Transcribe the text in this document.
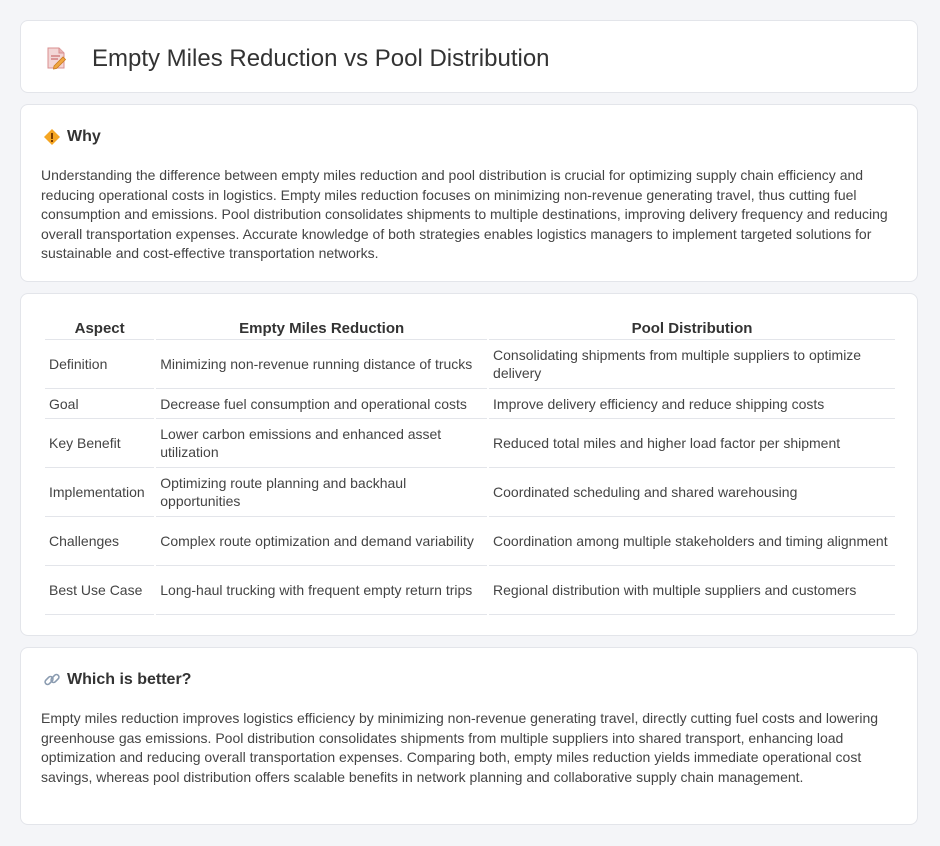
Empty Miles Reduction vs Pool Distribution
Why

Understanding the difference between empty miles reduction and pool distribution is crucial for optimizing supply chain efficiency and reducing operational costs in logistics. Empty miles reduction focuses on minimizing non-revenue generating travel, thus cutting fuel consumption and emissions. Pool distribution consolidates shipments to multiple destinations, improving delivery frequency and reducing overall transportation expenses. Accurate knowledge of both strategies enables logistics managers to implement targeted solutions for sustainable and cost-effective transportation networks.

Aspect	Empty Miles Reduction	Pool Distribution
Definition	Minimizing non-revenue running distance of trucks	Consolidating shipments from multiple suppliers to optimize delivery
Goal	Decrease fuel consumption and operational costs	Improve delivery efficiency and reduce shipping costs
Key Benefit	Lower carbon emissions and enhanced asset utilization	Reduced total miles and higher load factor per shipment
Implementation	Optimizing route planning and backhaul opportunities	Coordinated scheduling and shared warehousing
Challenges	Complex route optimization and demand variability	Coordination among multiple stakeholders and timing alignment
Best Use Case	Long-haul trucking with frequent empty return trips	Regional distribution with multiple suppliers and customers
Which is better?

Empty miles reduction improves logistics efficiency by minimizing non-revenue generating travel, directly cutting fuel costs and lowering greenhouse gas emissions. Pool distribution consolidates shipments from multiple suppliers into shared transport, enhancing load optimization and reducing overall transportation expenses. Comparing both, empty miles reduction yields immediate operational cost savings, whereas pool distribution offers scalable benefits in network planning and collaborative supply chain management.
